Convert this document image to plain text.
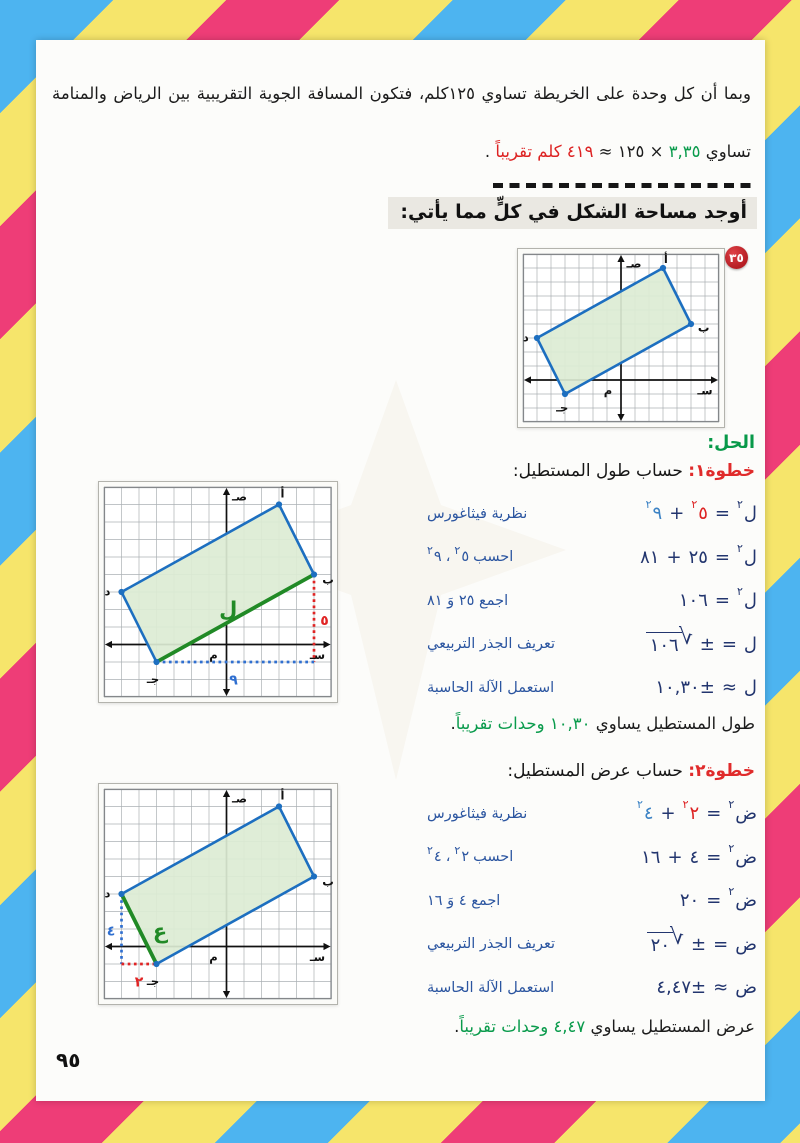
وبما أن كل وحدة على الخريطة تساوي ١٢٥كلم، فتكون المسافة الجوية التقريبية بين الرياض والمنامة
تساوي ٣,٣٥ × ١٢٥ ≈ ٤١٩ كلم تقريباً .
أوجد مساحة الشكل في كلٍّ مما يأتي:
٣٥
صـ
سـ
م
أ
ب
جـ
د
الحل:
خطوة١: حساب طول المستطيل:
صـ
سـ
م
ل	٥
٩
أ
ب
جـ
د
٢ ل
=
٢ ٥
+
٢ ٩
نظرية فيثاغورس
٢ ل
=
٢٥
+
٨١
احسب
٢ ٥
،
٢ ٩
٢ ل
=
١٠٦
اجمع ٢٥ وَ ٨١
ل
=
±
١٠٦ √
تعريف الجذر التربيعي
ل
≈
±١٠,٣٠
استعمل الآلة الحاسبة
طول المستطيل يساوي ١٠,٣٠ وحدات تقريباً.
خطوة٢: حساب عرض المستطيل:
صـ
سـ
م
ع
٤
٢
أ
ب
جـ
د
٢ ض
=
٢ ٢
+
٢ ٤
نظرية فيثاغورس
٢ ض
=
٤
+
١٦
احسب
٢ ٢
،
٢ ٤
٢ ض
=
٢٠
اجمع ٤ وَ ١٦
ض
=
±
٢٠ √
تعريف الجذر التربيعي
ض
≈
±٤,٤٧
استعمل الآلة الحاسبة
عرض المستطيل يساوي ٤,٤٧ وحدات تقريباً.
٩٥
